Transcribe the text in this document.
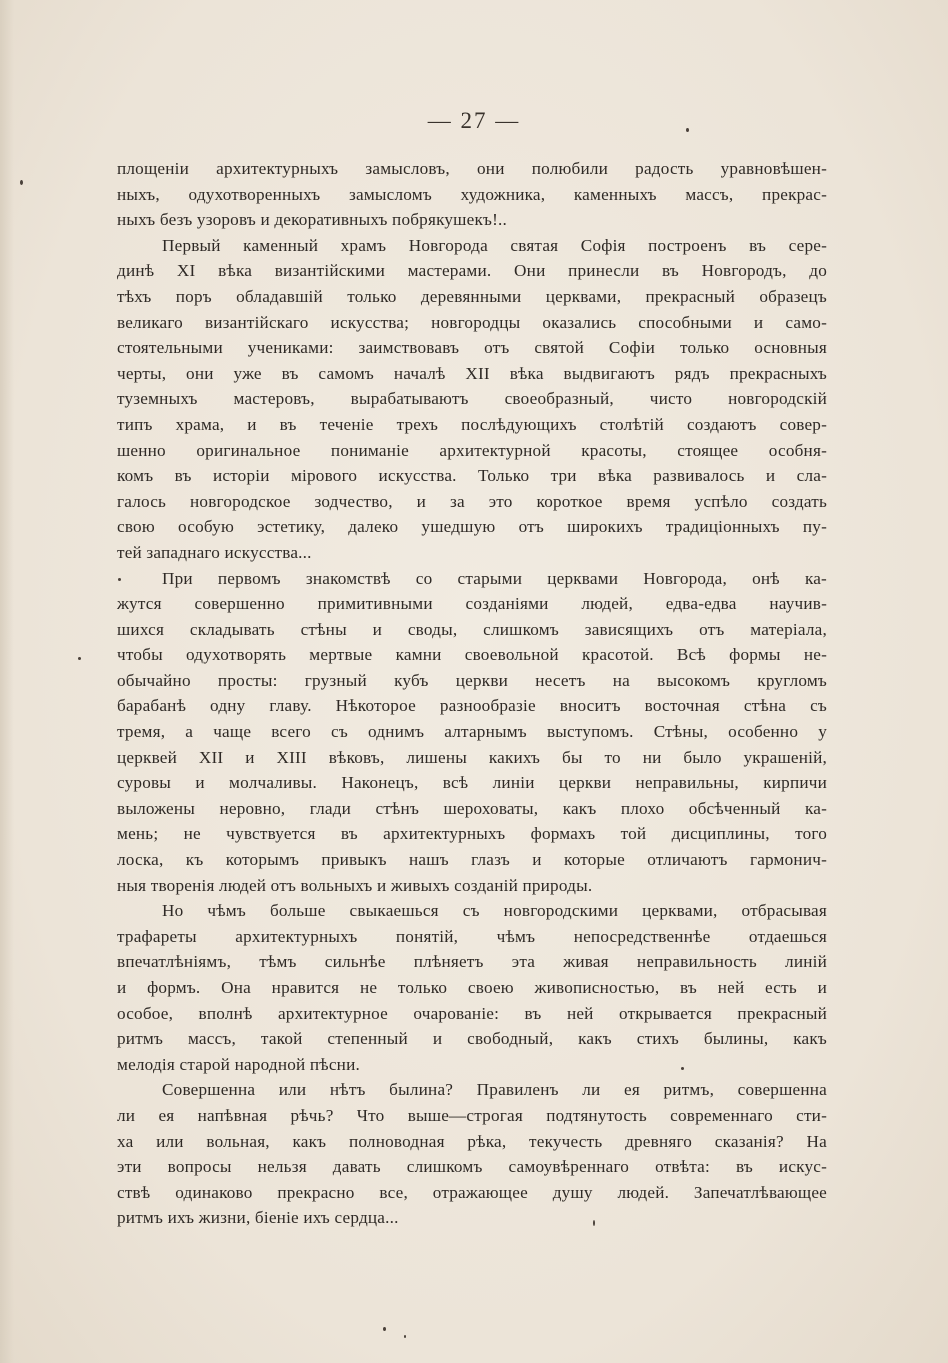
— 27 —
площеніи архитектурныхъ замысловъ, они полюбили радость уравновѣшен-
ныхъ, одухотворенныхъ замысломъ художника, каменныхъ массъ, прекрас-
ныхъ безъ узоровъ и декоративныхъ побрякушекъ!..
Первый каменный храмъ Новгорода святая Софія построенъ въ сере-
динѣ XI вѣка византійскими мастерами. Они принесли въ Новгородъ, до
тѣхъ поръ обладавшій только деревянными церквами, прекрасный образецъ
великаго византійскаго искусства; новгородцы оказались способными и само-
стоятельными учениками: заимствовавъ отъ святой Софіи только основныя
черты, они уже въ самомъ началѣ XII вѣка выдвигаютъ рядъ прекрасныхъ
туземныхъ мастеровъ, вырабатываютъ своеобразный, чисто новгородскій
типъ храма, и въ теченіе трехъ послѣдующихъ столѣтій создаютъ совер-
шенно оригинальное пониманіе архитектурной красоты, стоящее особня-
комъ въ исторіи мірового искусства. Только три вѣка развивалось и сла-
галось новгородское зодчество, и за это короткое время успѣло создать
свою особую эстетику, далеко ушедшую отъ широкихъ традиціонныхъ пу-
тей западнаго искусства...
При первомъ знакомствѣ со старыми церквами Новгорода, онѣ ка-
жутся совершенно примитивными созданіями людей, едва-едва научив-
шихся складывать стѣны и своды, слишкомъ зависящихъ отъ матеріала,
чтобы одухотворять мертвые камни своевольной красотой. Всѣ формы не-
обычайно просты: грузный кубъ церкви несетъ на высокомъ кругломъ
барабанѣ одну главу. Нѣкоторое разнообразіе вноситъ восточная стѣна съ
тремя, а чаще всего съ однимъ алтарнымъ выступомъ. Стѣны, особенно у
церквей XII и XIII вѣковъ, лишены какихъ бы то ни было украшеній,
суровы и молчаливы. Наконецъ, всѣ линіи церкви неправильны, кирпичи
выложены неровно, глади стѣнъ шероховаты, какъ плохо обсѣченный ка-
мень; не чувствуется въ архитектурныхъ формахъ той дисциплины, того
лоска, къ которымъ привыкъ нашъ глазъ и которые отличаютъ гармонич-
ныя творенія людей отъ вольныхъ и живыхъ созданій природы.
Но чѣмъ больше свыкаешься съ новгородскими церквами, отбрасывая
трафареты архитектурныхъ понятій, чѣмъ непосредственнѣе отдаешься
впечатлѣніямъ, тѣмъ сильнѣе плѣняетъ эта живая неправильность линій
и формъ. Она нравится не только своею живописностью, въ ней есть и
особое, вполнѣ архитектурное очарованіе: въ ней открывается прекрасный
ритмъ массъ, такой степенный и свободный, какъ стихъ былины, какъ
мелодія старой народной пѣсни.
Совершенна или нѣтъ былина? Правиленъ ли ея ритмъ, совершенна
ли ея напѣвная рѣчь? Что выше—строгая подтянутость современнаго сти-
ха или вольная, какъ полноводная рѣка, текучесть древняго сказанія? На
эти вопросы нельзя давать слишкомъ самоувѣреннаго отвѣта: въ искус-
ствѣ одинаково прекрасно все, отражающее душу людей. Запечатлѣвающее
ритмъ ихъ жизни, біеніе ихъ сердца...
